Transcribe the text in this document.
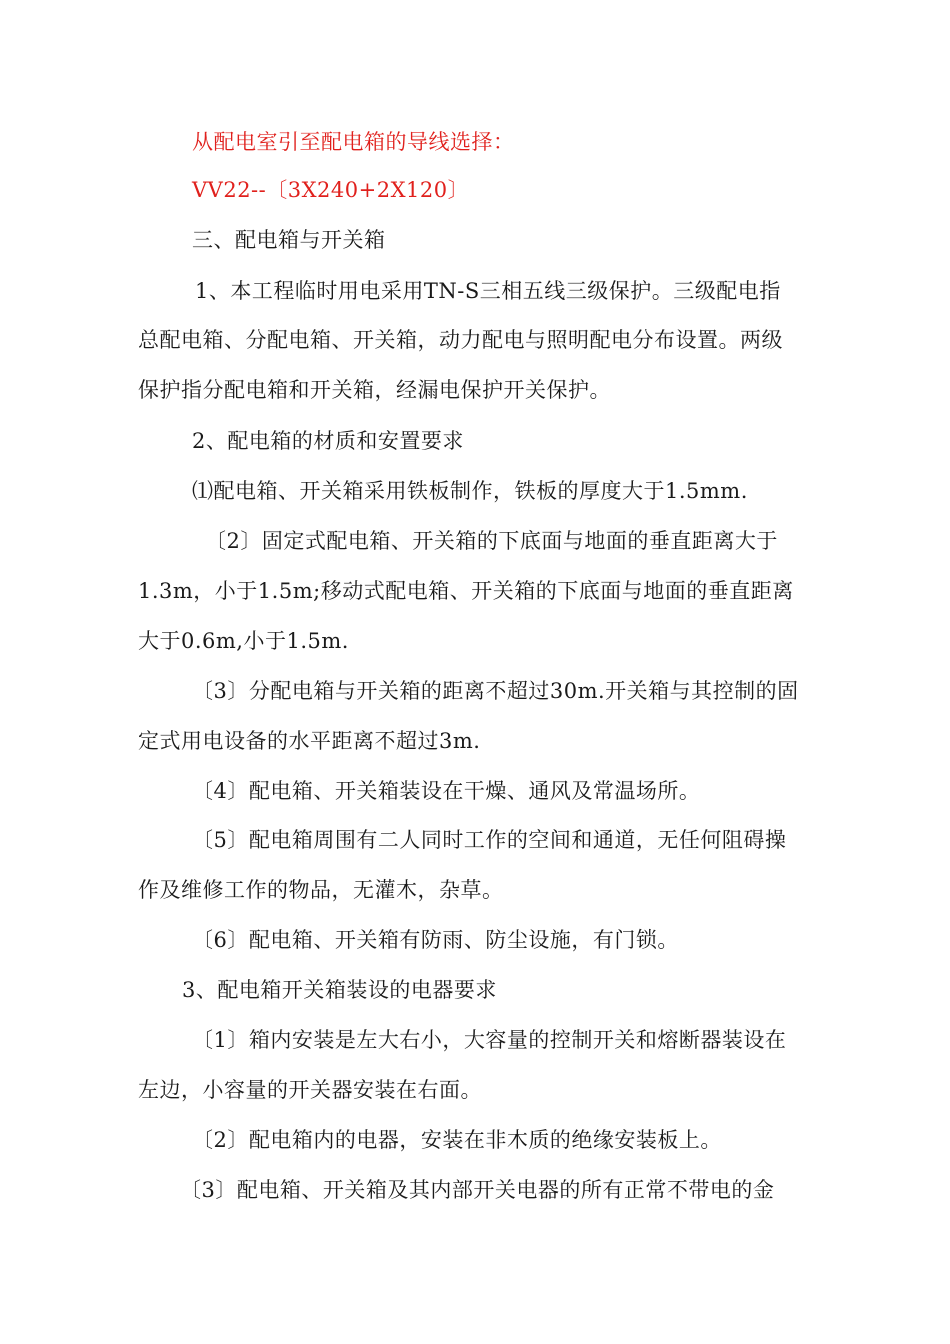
从配电室引至配电箱的导线选择：
VV22--〔3X240+2X120〕
三、配电箱与开关箱
1、本工程临时用电采用TN-S三相五线三级保护。三级配电指
总配电箱、分配电箱、开关箱，动力配电与照明配电分布设置。两级
保护指分配电箱和开关箱，经漏电保护开关保护。
2、配电箱的材质和安置要求
⑴配电箱、开关箱采用铁板制作，铁板的厚度大于1.5mm.
〔2〕固定式配电箱、开关箱的下底面与地面的垂直距离大于
1.3m，小于1.5m;移动式配电箱、开关箱的下底面与地面的垂直距离
大于0.6m,小于1.5m.
〔3〕分配电箱与开关箱的距离不超过30m.开关箱与其控制的固
定式用电设备的水平距离不超过3m.
〔4〕配电箱、开关箱装设在干燥、通风及常温场所。
〔5〕配电箱周围有二人同时工作的空间和通道，无任何阻碍操
作及维修工作的物品，无灌木，杂草。
〔6〕配电箱、开关箱有防雨、防尘设施，有门锁。
3、配电箱开关箱装设的电器要求
〔1〕箱内安装是左大右小，大容量的控制开关和熔断器装设在
左边，小容量的开关器安装在右面。
〔2〕配电箱内的电器，安装在非木质的绝缘安装板上。
〔3〕配电箱、开关箱及其内部开关电器的所有正常不带电的金
